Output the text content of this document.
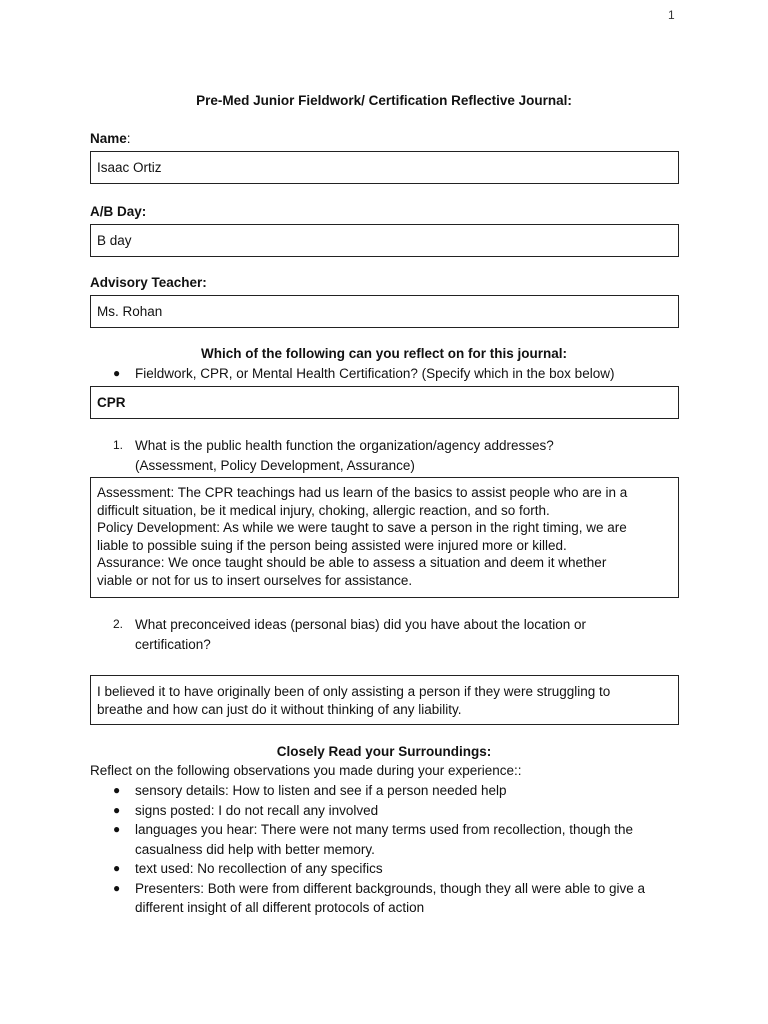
1
Pre-Med Junior Fieldwork/ Certification Reflective Journal:
Name:
Isaac Ortiz
A/B Day:
B day
Advisory Teacher:
Ms. Rohan
Which of the following can you reflect on for this journal:
●	Fieldwork, CPR, or Mental Health Certification? (Specify which in the box below)
CPR
1. What is the public health function the organization/agency addresses?
(Assessment, Policy Development, Assurance)
Assessment: The CPR teachings had us learn of the basics to assist people who are in a
difficult situation, be it medical injury, choking, allergic reaction, and so forth.
Policy Development: As while we were taught to save a person in the right timing, we are
liable to possible suing if the person being assisted were injured more or killed.
Assurance: We once taught should be able to assess a situation and deem it whether
viable or not for us to insert ourselves for assistance.
2. What preconceived ideas (personal bias) did you have about the location or
certification?
I believed it to have originally been of only assisting a person if they were struggling to
breathe and how can just do it without thinking of any liability.
Closely Read your Surroundings:
Reflect on the following observations you made during your experience::
●	sensory details: How to listen and see if a person needed help
●	signs posted: I do not recall any involved
●	languages you hear: There were not many terms used from recollection, though the casualness did help with better memory.
●	text used: No recollection of any specifics
●	Presenters: Both were from different backgrounds, though they all were able to give a different insight of all different protocols of action
